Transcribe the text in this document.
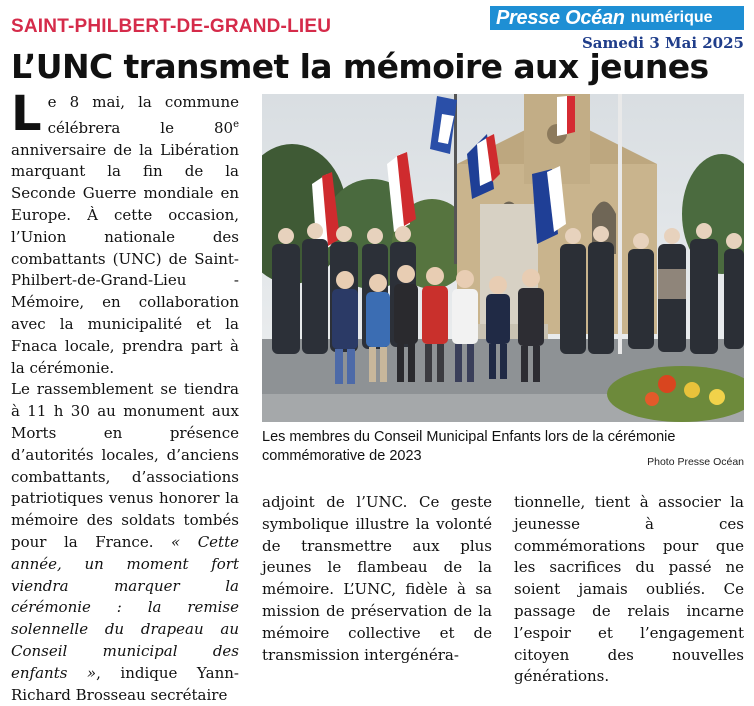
SAINT-PHILBERT-DE-GRAND-LIEU	Presse Océan numérique
Samedi 3 Mai 2025
L’UNC transmet la mémoire aux jeunes

Le 8 mai, la commune célébrera le 80e anniversaire de la Libération marquant la fin de la Seconde Guerre mondiale en Europe. À cette occasion, l’Union nationale des combattants (UNC) de Saint-Philbert-de-Grand-Lieu - Mémoire, en collaboration avec la municipalité et la Fnaca locale, prendra part à la cérémonie.

Le rassemblement se tiendra à 11 h 30 au monument aux Morts en présence d’autorités locales, d’anciens combattants, d’associations patriotiques venus honorer la mémoire des soldats tombés pour la France. « Cette année, un moment fort viendra marquer la cérémonie : la remise solennelle du drapeau au Conseil municipal des enfants », indique Yann-Richard Brosseau secrétaire

Les membres du Conseil Municipal Enfants lors de la cérémonie commémorative de 2023	Photo Presse Océan

adjoint de l’UNC. Ce geste symbolique illustre la volonté de transmettre aux plus jeunes le flambeau de la mémoire. L’UNC, fidèle à sa mission de préservation de la mémoire collective et de transmission intergénéra-

tionnelle, tient à associer la jeunesse à ces commémorations pour que les sacrifices du passé ne soient jamais oubliés. Ce passage de relais incarne l’espoir et l’engagement citoyen des nouvelles générations.
